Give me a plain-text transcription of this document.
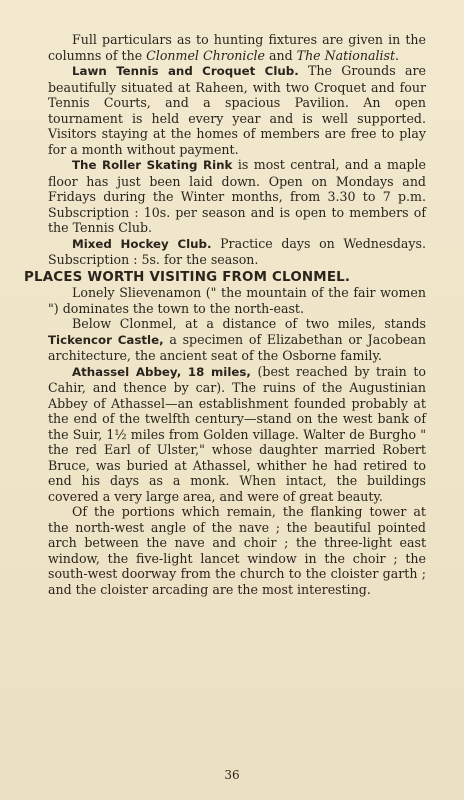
Full particulars as to hunting fixtures are given in the columns of the Clonmel Chronicle and The Nationalist.

Lawn Tennis and Croquet Club. The Grounds are beautifully situated at Raheen, with two Croquet and four Tennis Courts, and a spacious Pavilion. An open tournament is held every year and is well supported. Visitors staying at the homes of members are free to play for a month without payment.

The Roller Skating Rink is most central, and a maple floor has just been laid down. Open on Mondays and Fridays during the Winter months, from 3.30 to 7 p.m. Subscription : 10s. per season and is open to members of the Tennis Club.

Mixed Hockey Club. Practice days on Wednesdays. Subscription : 5s. for the season.

PLACES WORTH VISITING FROM CLONMEL.

Lonely Slievenamon (" the mountain of the fair women ") dominates the town to the north-east.

Below Clonmel, at a distance of two miles, stands Tickencor Castle, a specimen of Elizabethan or Jacobean architecture, the ancient seat of the Osborne family.

Athassel Abbey, 18 miles, (best reached by train to Cahir, and thence by car). The ruins of the Augustinian Abbey of Athassel—an establishment founded probably at the end of the twelfth century—stand on the west bank of the Suir, 1½ miles from Golden village. Walter de Burgho " the red Earl of Ulster," whose daughter married Robert Bruce, was buried at Athassel, whither he had retired to end his days as a monk. When intact, the buildings covered a very large area, and were of great beauty.

Of the portions which remain, the flanking tower at the north-west angle of the nave ; the beautiful pointed arch between the nave and choir ; the three-light east window, the five-light lancet window in the choir ; the south-west doorway from the church to the cloister garth ; and the cloister arcading are the most interesting.

36
